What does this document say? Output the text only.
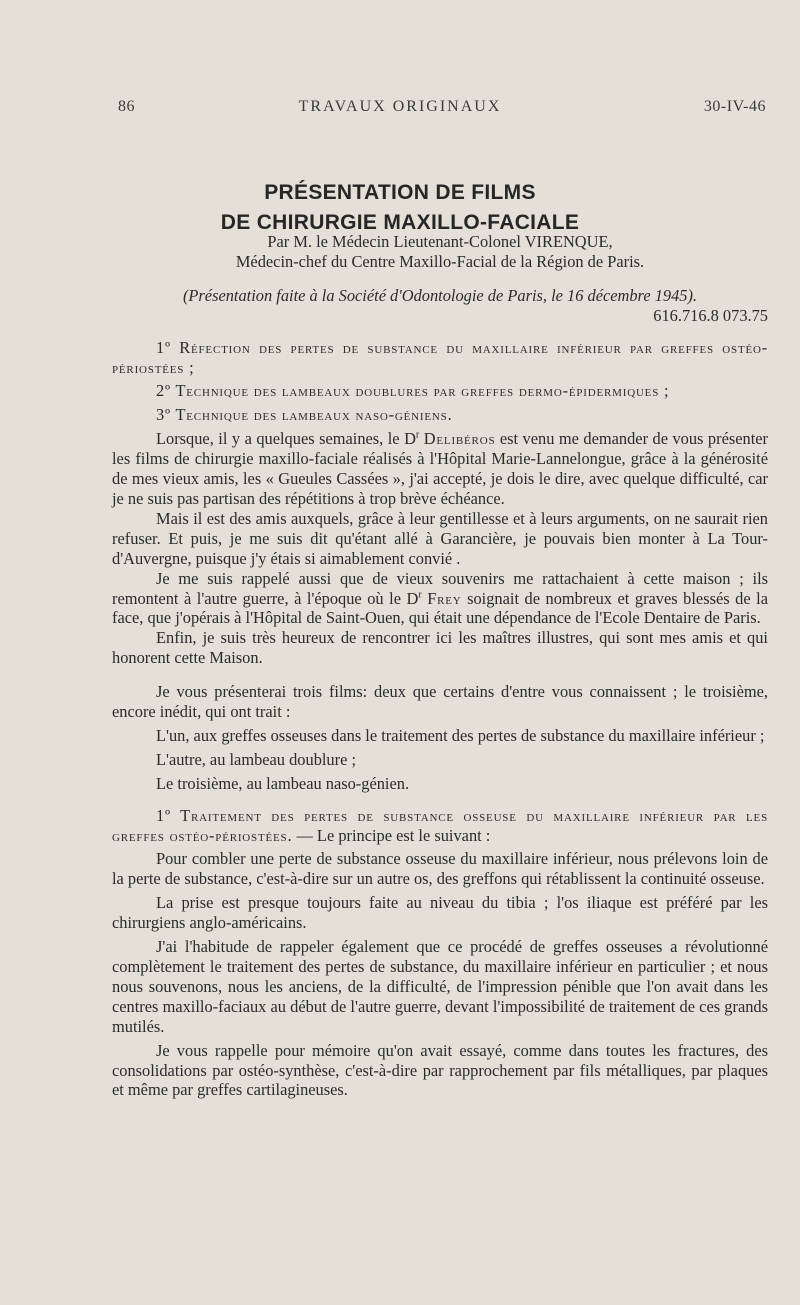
86	TRAVAUX ORIGINAUX	30-IV-46
PRÉSENTATION DE FILMS
DE CHIRURGIE MAXILLO-FACIALE

Par M. le Médecin Lieutenant-Colonel VIRENQUE,

Médecin-chef du Centre Maxillo-Facial de la Région de Paris.

(Présentation faite à la Société d'Odontologie de Paris, le 16 décembre 1945).

616.716.8 073.75

1º Réfection des pertes de substance du maxillaire inférieur par greffes ostéo-périostées ;

2º Technique des lambeaux doublures par greffes dermo-épidermiques ;

3º Technique des lambeaux naso-géniens.

Lorsque, il y a quelques semaines, le $D^r$ Delibéros est venu me demander de vous présenter les films de chirurgie maxillo-faciale réalisés à l'Hôpital Marie-Lannelongue, grâce à la générosité de mes vieux amis, les « Gueules Cassées », j'ai accepté, je dois le dire, avec quelque difficulté, car je ne suis pas partisan des répétitions à trop brève échéance.

Mais il est des amis auxquels, grâce à leur gentillesse et à leurs arguments, on ne saurait rien refuser. Et puis, je me suis dit qu'étant allé à Garancière, je pouvais bien monter à La Tour-d'Auvergne, puisque j'y étais si aimablement convié .

Je me suis rappelé aussi que de vieux souvenirs me rattachaient à cette maison ; ils remontent à l'autre guerre, à l'époque où le $D^r$ Frey soignait de nombreux et graves blessés de la face, que j'opérais à l'Hôpital de Saint-Ouen, qui était une dépendance de l'Ecole Dentaire de Paris.

Enfin, je suis très heureux de rencontrer ici les maîtres illustres, qui sont mes amis et qui honorent cette Maison.

Je vous présenterai trois films: deux que certains d'entre vous connaissent ; le troisième, encore inédit, qui ont trait :

L'un, aux greffes osseuses dans le traitement des pertes de substance du maxillaire inférieur ;

L'autre, au lambeau doublure ;

Le troisième, au lambeau naso-génien.

1º Traitement des pertes de substance osseuse du maxillaire inférieur par les greffes ostéo-périostées. — Le principe est le suivant :

Pour combler une perte de substance osseuse du maxillaire inférieur, nous prélevons loin de la perte de substance, c'est-à-dire sur un autre os, des greffons qui rétablissent la continuité osseuse.

La prise est presque toujours faite au niveau du tibia ; l'os iliaque est préféré par les chirurgiens anglo-américains.

J'ai l'habitude de rappeler également que ce procédé de greffes osseuses a révolutionné complètement le traitement des pertes de substance, du maxillaire inférieur en particulier ; et nous nous souvenons, nous les anciens, de la difficulté, de l'impression pénible que l'on avait dans les centres maxillo-faciaux au début de l'autre guerre, devant l'impossibilité de traitement de ces grands mutilés.

Je vous rappelle pour mémoire qu'on avait essayé, comme dans toutes les fractures, des consolidations par ostéo-synthèse, c'est-à-dire par rapprochement par fils métalliques, par plaques et même par greffes cartilagineuses.
